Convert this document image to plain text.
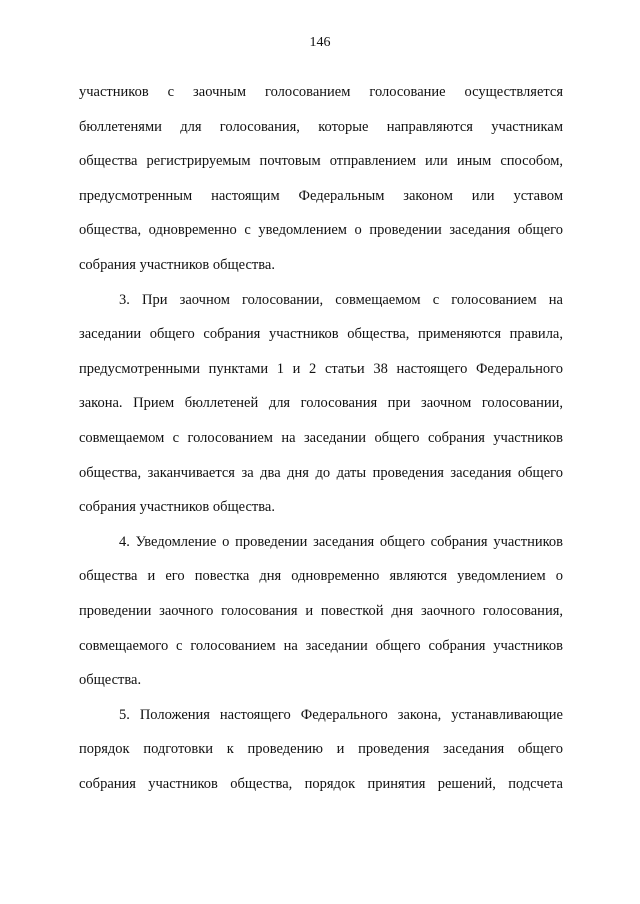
146
участников с заочным голосованием голосование осуществляется
бюллетенями для голосования, которые направляются участникам
общества регистрируемым почтовым отправлением или иным способом,
предусмотренным настоящим Федеральным законом или уставом
общества, одновременно с уведомлением о проведении заседания общего
собрания участников общества.
3. При заочном голосовании, совмещаемом с голосованием на
заседании общего собрания участников общества, применяются правила,
предусмотренными пунктами 1 и 2 статьи 38 настоящего Федерального
закона. Прием бюллетеней для голосования при заочном голосовании,
совмещаемом с голосованием на заседании общего собрания участников
общества, заканчивается за два дня до даты проведения заседания общего
собрания участников общества.
4. Уведомление о проведении заседания общего собрания участников
общества и его повестка дня одновременно являются уведомлением о
проведении заочного голосования и повесткой дня заочного голосования,
совмещаемого с голосованием на заседании общего собрания участников
общества.
5. Положения настоящего Федерального закона, устанавливающие
порядок подготовки к проведению и проведения заседания общего
собрания участников общества, порядок принятия решений, подсчета
